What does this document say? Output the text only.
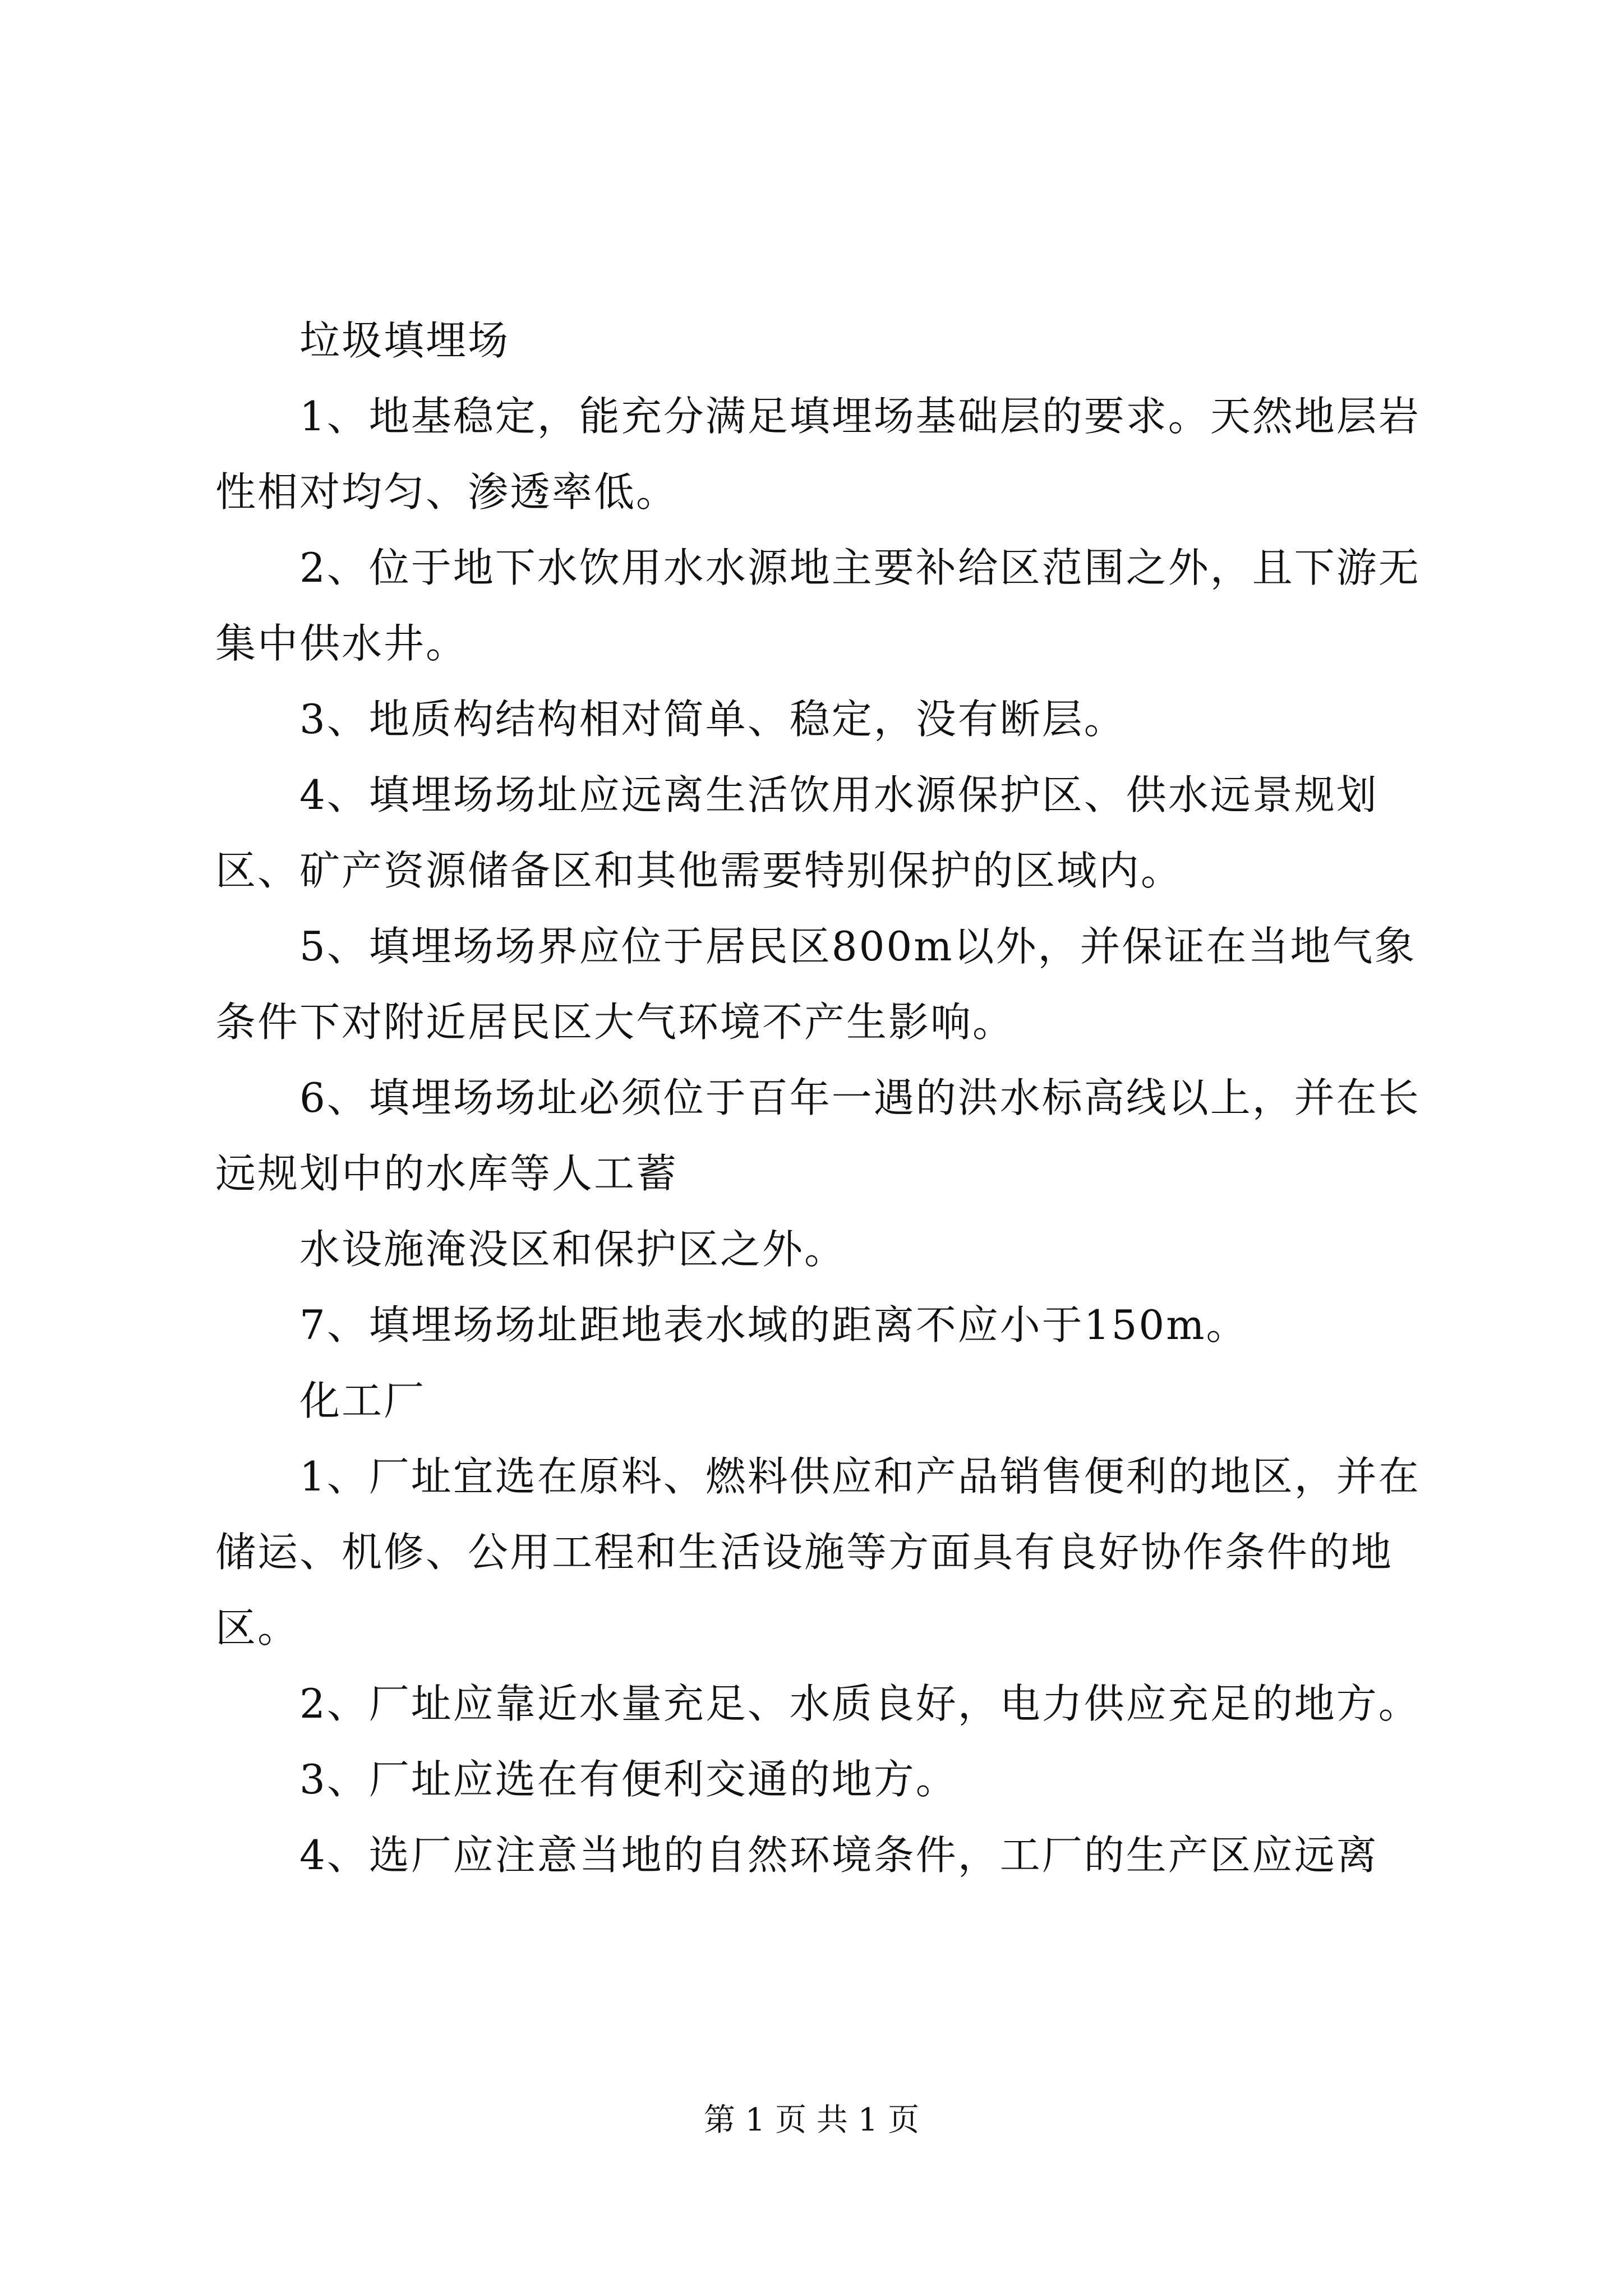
垃圾填埋场

1、地基稳定，能充分满足填埋场基础层的要求。天然地层岩性相对均匀、渗透率低。

2、位于地下水饮用水水源地主要补给区范围之外，且下游无集中供水井。

3、地质构结构相对简单、稳定，没有断层。

4、填埋场场址应远离生活饮用水源保护区、供水远景规划区、矿产资源储备区和其他需要特别保护的区域内。

5、填埋场场界应位于居民区800m以外，并保证在当地气象条件下对附近居民区大气环境不产生影响。

6、填埋场场址必须位于百年一遇的洪水标高线以上，并在长远规划中的水库等人工蓄

水设施淹没区和保护区之外。

7、填埋场场址距地表水域的距离不应小于150m。

化工厂

1、厂址宜选在原料、燃料供应和产品销售便利的地区，并在储运、机修、公用工程和生活设施等方面具有良好协作条件的地区。

2、厂址应靠近水量充足、水质良好，电力供应充足的地方。

3、厂址应选在有便利交通的地方。

4、选厂应注意当地的自然环境条件，工厂的生产区应远离

第 1 页 共 1 页
